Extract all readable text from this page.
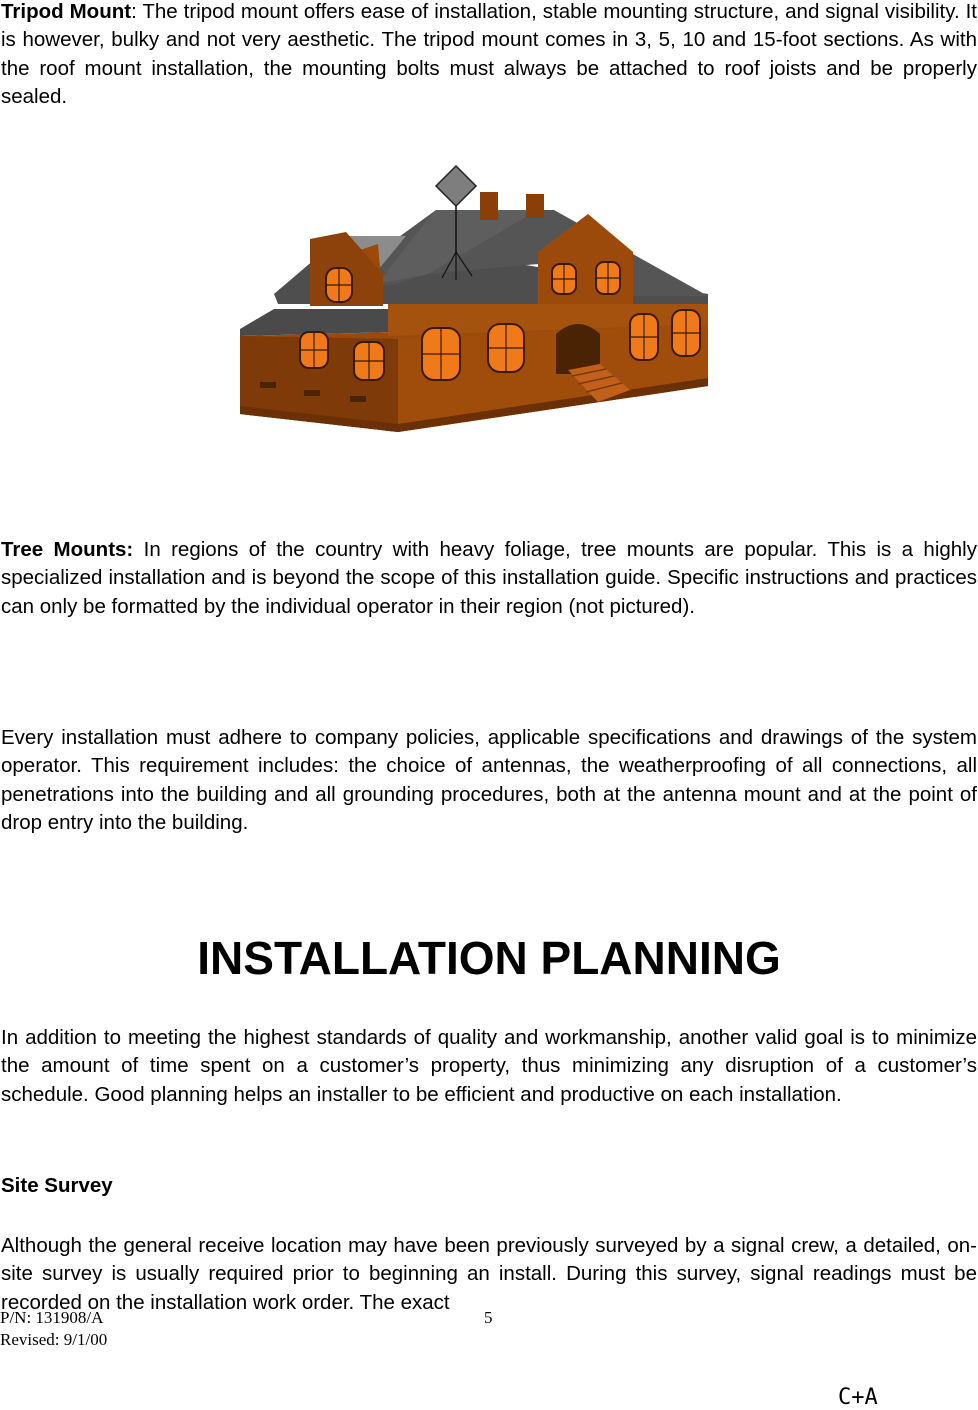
Tripod Mount: The tripod mount offers ease of installation, stable mounting structure, and signal visibility. It is however, bulky and not very aesthetic. The tripod mount comes in 3, 5, 10 and 15-foot sections. As with the roof mount installation, the mounting bolts must always be attached to roof joists and be properly sealed.

Tree Mounts: In regions of the country with heavy foliage, tree mounts are popular. This is a highly specialized installation and is beyond the scope of this installation guide. Specific instructions and practices can only be formatted by the individual operator in their region (not pictured).

Every installation must adhere to company policies, applicable specifications and drawings of the system operator. This requirement includes: the choice of antennas, the weatherproofing of all connections, all penetrations into the building and all grounding procedures, both at the antenna mount and at the point of drop entry into the building.

INSTALLATION PLANNING

In addition to meeting the highest standards of quality and workmanship, another valid goal is to minimize the amount of time spent on a customer’s property, thus minimizing any disruption of a customer’s schedule. Good planning helps an installer to be efficient and productive on each installation.

Site Survey

Although the general receive location may have been previously surveyed by a signal crew, a detailed, on-site survey is usually required prior to beginning an install. During this survey, signal readings must be recorded on the installation work order. The exact

P/N: 131908/A
Revised: 9/1/00
5
C+A
